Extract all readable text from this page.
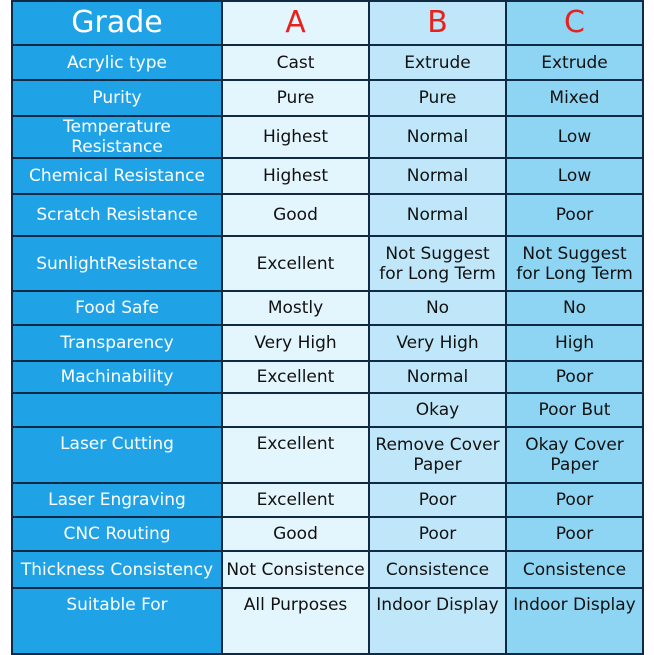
Grade	A	B	C
Acrylic type	Cast	Extrude	Extrude
Purity	Pure	Pure	Mixed
Temperature Resistance	Highest	Normal	Low
Chemical Resistance	Highest	Normal	Low
Scratch Resistance	Good	Normal	Poor
SunlightResistance	Excellent	Not Suggest for Long Term	Not Suggest for Long Term
Food Safe	Mostly	No	No
Transparency	Very High	Very High	High
Machinability	Excellent	Normal	Poor
		Okay	Poor But
Laser Cutting	Excellent	Remove Cover Paper	Okay Cover Paper
Laser Engraving	Excellent	Poor	Poor
CNC Routing	Good	Poor	Poor
Thickness Consistency	Not Consistence	Consistence	Consistence
Suitable For	All Purposes	Indoor Display	Indoor Display
